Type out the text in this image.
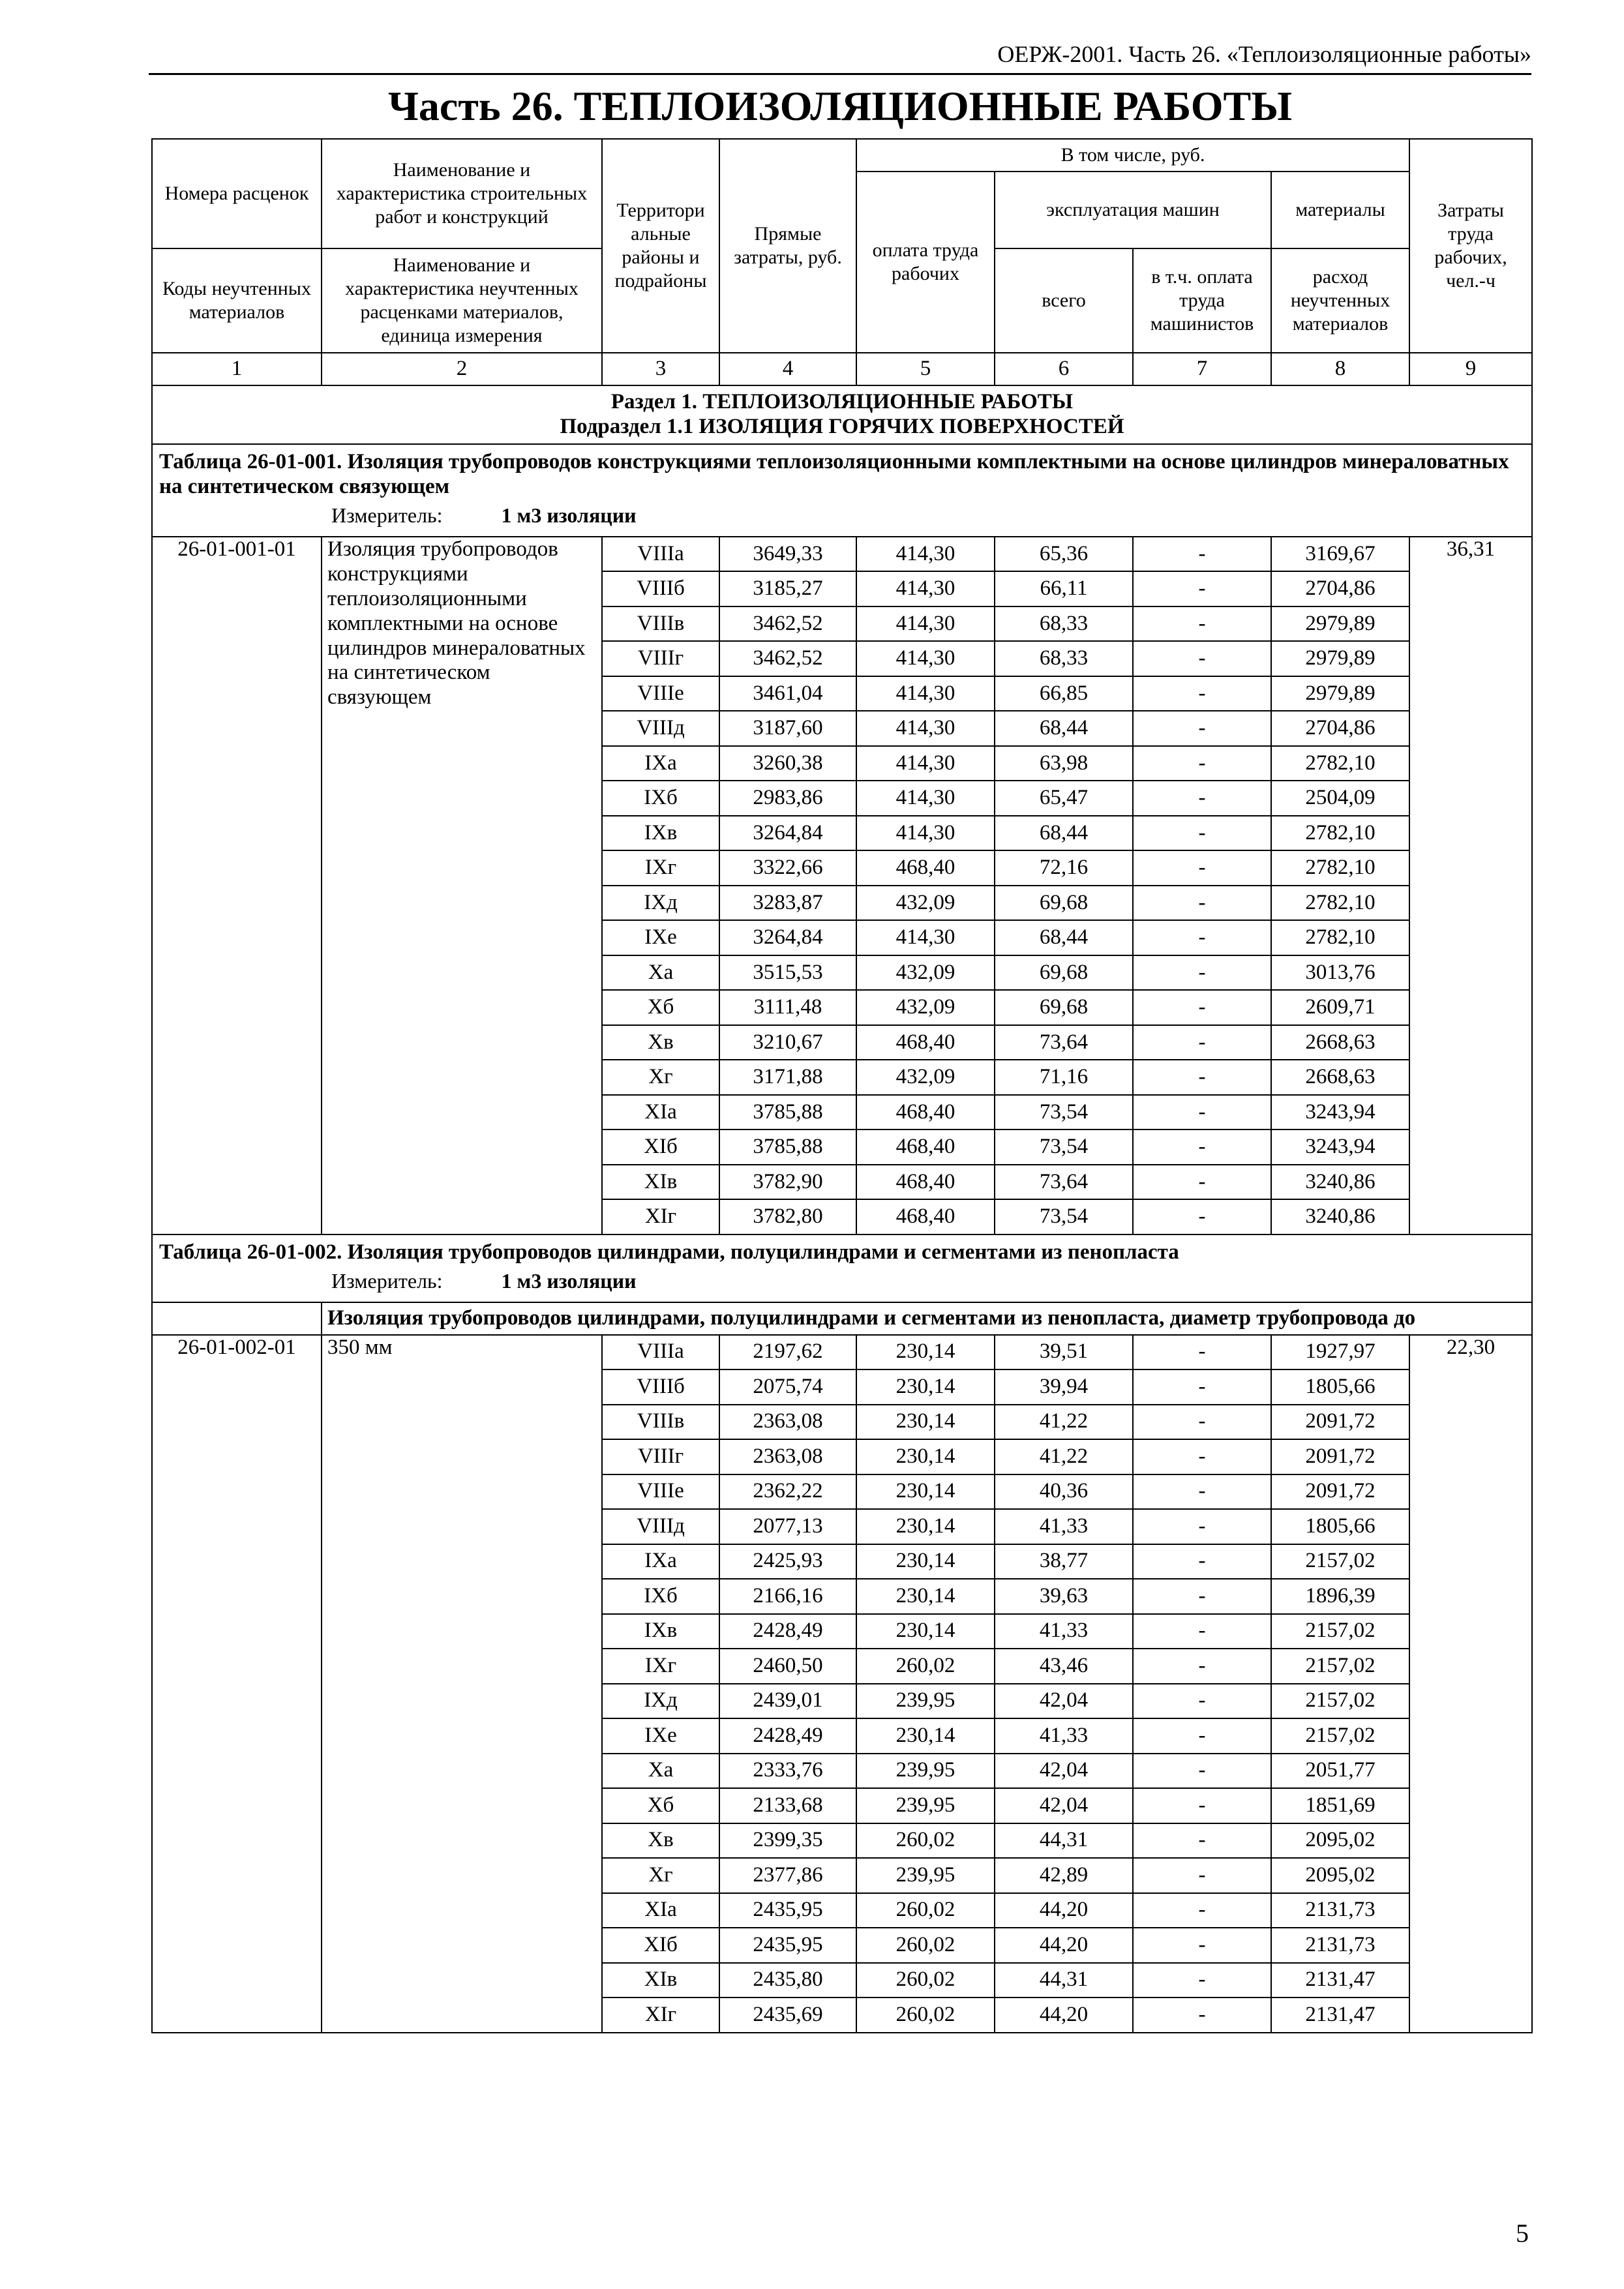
ОЕРЖ-2001. Часть 26. «Теплоизоляционные работы»
Часть 26. ТЕПЛОИЗОЛЯЦИОННЫЕ РАБОТЫ
Номера расценок	Наименование и характеристика строительных работ и конструкций	Территори альные районы и подрайоны	Прямые затраты, руб.	В том числе, руб.				Затраты труда рабочих, чел.-ч
				оплата труда рабочих	эксплуатация машин		материалы	
Коды неучтенных материалов	Наименование и характеристика неучтенных расценками материалов, единица измерения				всего	в т.ч. оплата труда машинистов	расход неучтенных материалов	

1	2	3	4	5	6	7	8	9

Раздел 1. ТЕПЛОИЗОЛЯЦИОННЫЕ РАБОТЫ
Подраздел 1.1 ИЗОЛЯЦИЯ ГОРЯЧИХ ПОВЕРХНОСТЕЙ								

Таблица 26-01-001. Изоляция трубопроводов конструкциями теплоизоляционными комплектными на основе цилиндров минераловатных на синтетическом связующем
Измеритель: 1 м3 изоляции								

26-01-001-01	Изоляция трубопроводов конструкциями теплоизоляционными комплектными на основе цилиндров минераловатных на синтетическом связующем	VIIIа	3649,33	414,30	65,36	-	3169,67	36,31
		VIIIб	3185,27	414,30	66,11	-	2704,86	
		VIIIв	3462,52	414,30	68,33	-	2979,89	
		VIIIг	3462,52	414,30	68,33	-	2979,89	
		VIIIе	3461,04	414,30	66,85	-	2979,89	
		VIIIд	3187,60	414,30	68,44	-	2704,86	
		IXа	3260,38	414,30	63,98	-	2782,10	
		IXб	2983,86	414,30	65,47	-	2504,09	
		IXв	3264,84	414,30	68,44	-	2782,10	
		IXг	3322,66	468,40	72,16	-	2782,10	
		IXд	3283,87	432,09	69,68	-	2782,10	
		IXе	3264,84	414,30	68,44	-	2782,10	
		Xа	3515,53	432,09	69,68	-	3013,76	
		Xб	3111,48	432,09	69,68	-	2609,71	
		Xв	3210,67	468,40	73,64	-	2668,63	
		Xг	3171,88	432,09	71,16	-	2668,63	
		XIа	3785,88	468,40	73,54	-	3243,94	
		XIб	3785,88	468,40	73,54	-	3243,94	
		XIв	3782,90	468,40	73,64	-	3240,86	
		XIг	3782,80	468,40	73,54	-	3240,86	

Таблица 26-01-002. Изоляция трубопроводов цилиндрами, полуцилиндрами и сегментами из пенопласта
Измеритель: 1 м3 изоляции								

	Изоляция трубопроводов цилиндрами, полуцилиндрами и сегментами из пенопласта, диаметр трубопровода до							
26-01-002-01	350 мм	VIIIа	2197,62	230,14	39,51	-	1927,97	22,30
		VIIIб	2075,74	230,14	39,94	-	1805,66	
		VIIIв	2363,08	230,14	41,22	-	2091,72	
		VIIIг	2363,08	230,14	41,22	-	2091,72	
		VIIIе	2362,22	230,14	40,36	-	2091,72	
		VIIIд	2077,13	230,14	41,33	-	1805,66	
		IXа	2425,93	230,14	38,77	-	2157,02	
		IXб	2166,16	230,14	39,63	-	1896,39	
		IXв	2428,49	230,14	41,33	-	2157,02	
		IXг	2460,50	260,02	43,46	-	2157,02	
		IXд	2439,01	239,95	42,04	-	2157,02	
		IXе	2428,49	230,14	41,33	-	2157,02	
		Xа	2333,76	239,95	42,04	-	2051,77	
		Xб	2133,68	239,95	42,04	-	1851,69	
		Xв	2399,35	260,02	44,31	-	2095,02	
		Xг	2377,86	239,95	42,89	-	2095,02	
		XIа	2435,95	260,02	44,20	-	2131,73	
		XIб	2435,95	260,02	44,20	-	2131,73	
		XIв	2435,80	260,02	44,31	-	2131,47	
		XIг	2435,69	260,02	44,20	-	2131,47	
5
